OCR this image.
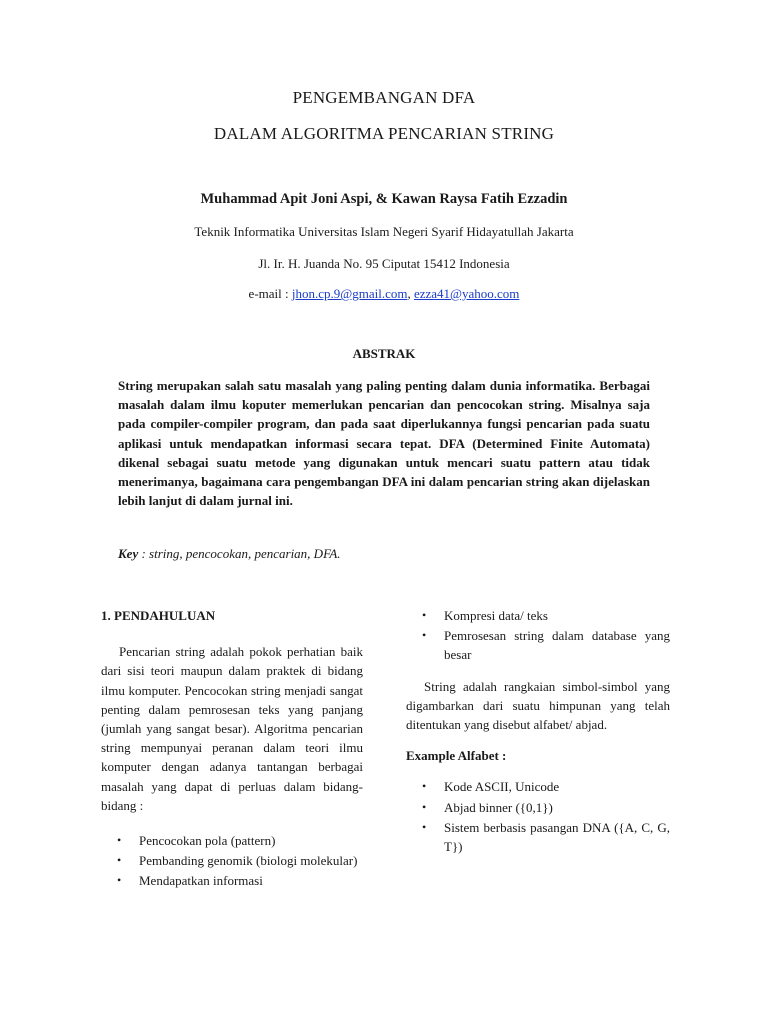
PENGEMBANGAN DFA
DALAM ALGORITMA PENCARIAN STRING
Muhammad Apit Joni Aspi, & Kawan Raysa Fatih Ezzadin
Teknik Informatika Universitas Islam Negeri Syarif Hidayatullah Jakarta
Jl. Ir. H. Juanda No. 95 Ciputat 15412 Indonesia
e-mail : jhon.cp.9@gmail.com, ezza41@yahoo.com
ABSTRAK
String merupakan salah satu masalah yang paling penting dalam dunia informatika. Berbagai masalah dalam ilmu koputer memerlukan pencarian dan pencocokan string. Misalnya saja pada compiler-compiler program, dan pada saat diperlukannya fungsi pencarian pada suatu aplikasi untuk mendapatkan informasi secara tepat. DFA (Determined Finite Automata) dikenal sebagai suatu metode yang digunakan untuk mencari suatu pattern atau tidak menerimanya, bagaimana cara pengembangan DFA ini dalam pencarian string akan dijelaskan lebih lanjut di dalam jurnal ini.
Key : string, pencocokan, pencarian, DFA.
1. PENDAHULUAN

Pencarian string adalah pokok perhatian baik dari sisi teori maupun dalam praktek di bidang ilmu komputer. Pencocokan string menjadi sangat penting dalam pemrosesan teks yang panjang (jumlah yang sangat besar). Algoritma pencarian string mempunyai peranan dalam teori ilmu komputer dengan adanya tantangan berbagai masalah yang dapat di perluas dalam bidang-bidang :

• Pencocokan pola (pattern)
• Pembanding genomik (biologi molekular)
• Mendapatkan informasi
• Kompresi data/ teks
• Pemrosesan string dalam database yang besar

String adalah rangkaian simbol-simbol yang digambarkan dari suatu himpunan yang telah ditentukan yang disebut alfabet/ abjad.

Example Alfabet :
• Kode ASCII, Unicode
• Abjad binner ({0,1})
• Sistem berbasis pasangan DNA ({A, C, G, T})
